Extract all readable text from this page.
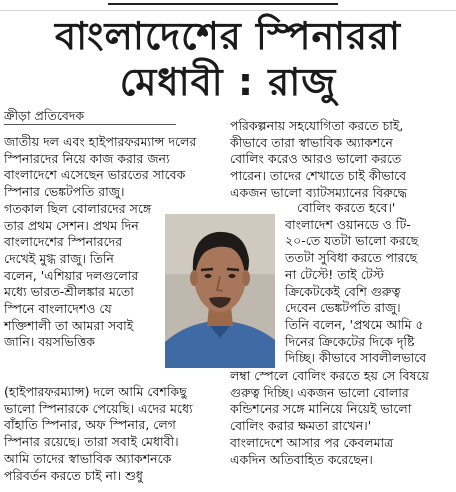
বাংলাদেশের স্পিনাররা
মেধাবী : রাজু
ক্রীড়া প্রতিবেদক

জাতীয় দল এবং হাইপারফরম্যান্স দলের

স্পিনারদের নিয়ে কাজ করার জন্য

বাংলাদেশে এসেছেন ভারতের সাবেক

স্পিনার ভেঙ্কটপতি রাজু।

গতকাল ছিল বোলারদের সঙ্গে

তার প্রথম সেশন। প্রথম দিন

বাংলাদেশের স্পিনারদের

দেখেই মুগ্ধ রাজু। তিনি

বলেন, 'এশিয়ার দলগুলোর

মধ্যে ভারত-শ্রীলঙ্কার মতো

স্পিনে বাংলাদেশও যে

শক্তিশালী তা আমরা সবাই

জানি। বয়সভিত্তিক

(হাইপারফরম্যান্স) দলে আমি বেশকিছু

ভালো স্পিনারকে পেয়েছি। এদের মধ্যে

বাঁহাতি স্পিনার, অফ স্পিনার, লেগ

স্পিনার রয়েছে। তারা সবাই মেধাবী।

আমি তাদের স্বাভাবিক অ্যাকশনকে

পরিবর্তন করতে চাই না। শুধু

পরিকল্পনায় সহযোগিতা করতে চাই,

কীভাবে তারা স্বাভাবিক অ্যাকশনে

বোলিং করেও আরও ভালো করতে

পারেন। তাদের শেখাতে চাই কীভাবে

একজন ভালো ব্যাটসম্যানের বিরুদ্ধে

বোলিং করতে হবে।'

বাংলাদেশ ওয়ানডে ও টি-

২০-তে যতটা ভালো করছে

ততটা সুবিধা করতে পারছে

না টেস্টে! তাই টেস্ট

ক্রিকেটকেই বেশি গুরুত্ব

দেবেন ভেঙ্কটপতি রাজু।

তিনি বলেন, 'প্রথমে আমি ৫

দিনের ক্রিকেটের দিকে দৃষ্টি

দিচ্ছি। কীভাবে সাবলীলভাবে

লম্বা স্পেলে বোলিং করতে হয় সে বিষয়ে

গুরুত্ব দিচ্ছি। একজন ভালো বোলার

কন্ডিশনের সঙ্গে মানিয়ে নিয়েই ভালো

বোলিং করার ক্ষমতা রাখেন।'

বাংলাদেশে আসার পর কেবলমাত্র

একদিন অতিবাহিত করেছেন।
